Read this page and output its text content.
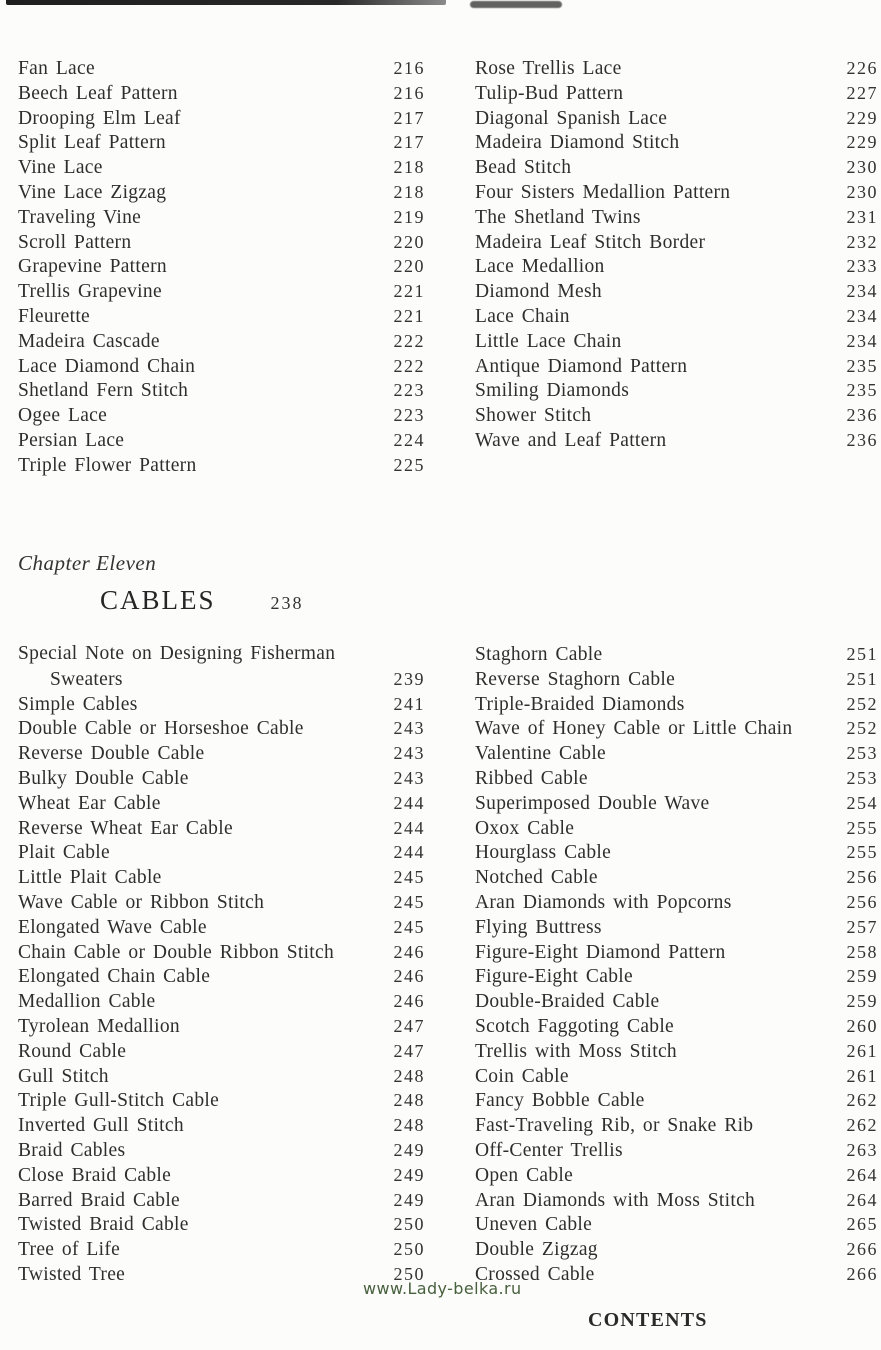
Fan Lace	216
Beech Leaf Pattern	216
Drooping Elm Leaf	217
Split Leaf Pattern	217
Vine Lace	218
Vine Lace Zigzag	218
Traveling Vine	219
Scroll Pattern	220
Grapevine Pattern	220
Trellis Grapevine	221
Fleurette	221
Madeira Cascade	222
Lace Diamond Chain	222
Shetland Fern Stitch	223
Ogee Lace	223
Persian Lace	224
Triple Flower Pattern	225
Rose Trellis Lace	226
Tulip-Bud Pattern	227
Diagonal Spanish Lace	229
Madeira Diamond Stitch	229
Bead Stitch	230
Four Sisters Medallion Pattern	230
The Shetland Twins	231
Madeira Leaf Stitch Border	232
Lace Medallion	233
Diamond Mesh	234
Lace Chain	234
Little Lace Chain	234
Antique Diamond Pattern	235
Smiling Diamonds	235
Shower Stitch	236
Wave and Leaf Pattern	236
Chapter Eleven
CABLES	238
Special Note on Designing Fisherman
Sweaters	239
Simple Cables	241
Double Cable or Horseshoe Cable	243
Reverse Double Cable	243
Bulky Double Cable	243
Wheat Ear Cable	244
Reverse Wheat Ear Cable	244
Plait Cable	244
Little Plait Cable	245
Wave Cable or Ribbon Stitch	245
Elongated Wave Cable	245
Chain Cable or Double Ribbon Stitch	246
Elongated Chain Cable	246
Medallion Cable	246
Tyrolean Medallion	247
Round Cable	247
Gull Stitch	248
Triple Gull-Stitch Cable	248
Inverted Gull Stitch	248
Braid Cables	249
Close Braid Cable	249
Barred Braid Cable	249
Twisted Braid Cable	250
Tree of Life	250
Twisted Tree	250
Staghorn Cable	251
Reverse Staghorn Cable	251
Triple-Braided Diamonds	252
Wave of Honey Cable or Little Chain	252
Valentine Cable	253
Ribbed Cable	253
Superimposed Double Wave	254
Oxox Cable	255
Hourglass Cable	255
Notched Cable	256
Aran Diamonds with Popcorns	256
Flying Buttress	257
Figure-Eight Diamond Pattern	258
Figure-Eight Cable	259
Double-Braided Cable	259
Scotch Faggoting Cable	260
Trellis with Moss Stitch	261
Coin Cable	261
Fancy Bobble Cable	262
Fast-Traveling Rib, or Snake Rib	262
Off-Center Trellis	263
Open Cable	264
Aran Diamonds with Moss Stitch	264
Uneven Cable	265
Double Zigzag	266
Crossed Cable	266
www.Lady-belka.ru
CONTENTS
